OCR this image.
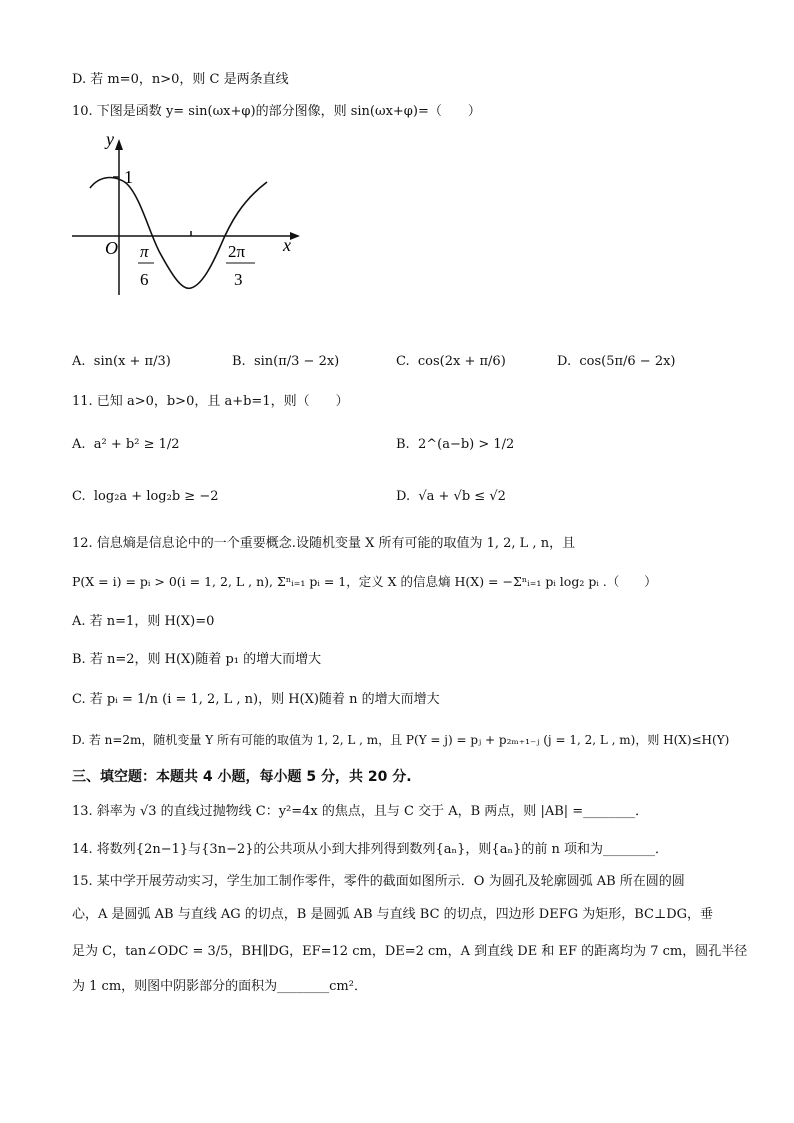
D. 若 m=0，n>0，则 C 是两条直线
10. 下图是函数 y= sin(ωx+φ)的部分图像，则 sin(ωx+φ)=（　　）
y
x
O
1
π
6
2π
3
A. sin(x + π/3)	B. sin(π/3 − 2x)	C. cos(2x + π/6)	D. cos(5π/6 − 2x)
11. 已知 a>0，b>0，且 a+b=1，则（　　）
A. a² + b² ≥ 1/2	B. 2^(a−b) > 1/2
C. log₂a + log₂b ≥ −2	D. √a + √b ≤ √2
12. 信息熵是信息论中的一个重要概念.设随机变量 X 所有可能的取值为 1, 2, L , n，且
P(X = i) = pᵢ > 0(i = 1, 2, L , n), Σⁿᵢ₌₁ pᵢ = 1，定义 X 的信息熵 H(X) = −Σⁿᵢ₌₁ pᵢ log₂ pᵢ .（　　）
A. 若 n=1，则 H(X)=0
B. 若 n=2，则 H(X)随着 p₁ 的增大而增大
C. 若 pᵢ = 1/n (i = 1, 2, L , n)，则 H(X)随着 n 的增大而增大
D. 若 n=2m，随机变量 Y 所有可能的取值为 1, 2, L , m，且 P(Y = j) = pⱼ + p₂ₘ₊₁₋ⱼ (j = 1, 2, L , m)，则 H(X)≤H(Y)
三、填空题：本题共 4 小题，每小题 5 分，共 20 分.
13. 斜率为 √3 的直线过抛物线 C：y²=4x 的焦点，且与 C 交于 A，B 两点，则 |AB| =________．
14. 将数列{2n−1}与{3n−2}的公共项从小到大排列得到数列{aₙ}，则{aₙ}的前 n 项和为________．
15. 某中学开展劳动实习，学生加工制作零件，零件的截面如图所示．O 为圆孔及轮廓圆弧 AB 所在圆的圆
心，A 是圆弧 AB 与直线 AG 的切点，B 是圆弧 AB 与直线 BC 的切点，四边形 DEFG 为矩形，BC⊥DG，垂
足为 C，tan∠ODC = 3/5，BH∥DG，EF=12 cm，DE=2 cm，A 到直线 DE 和 EF 的距离均为 7 cm，圆孔半径
为 1 cm，则图中阴影部分的面积为________cm²．
